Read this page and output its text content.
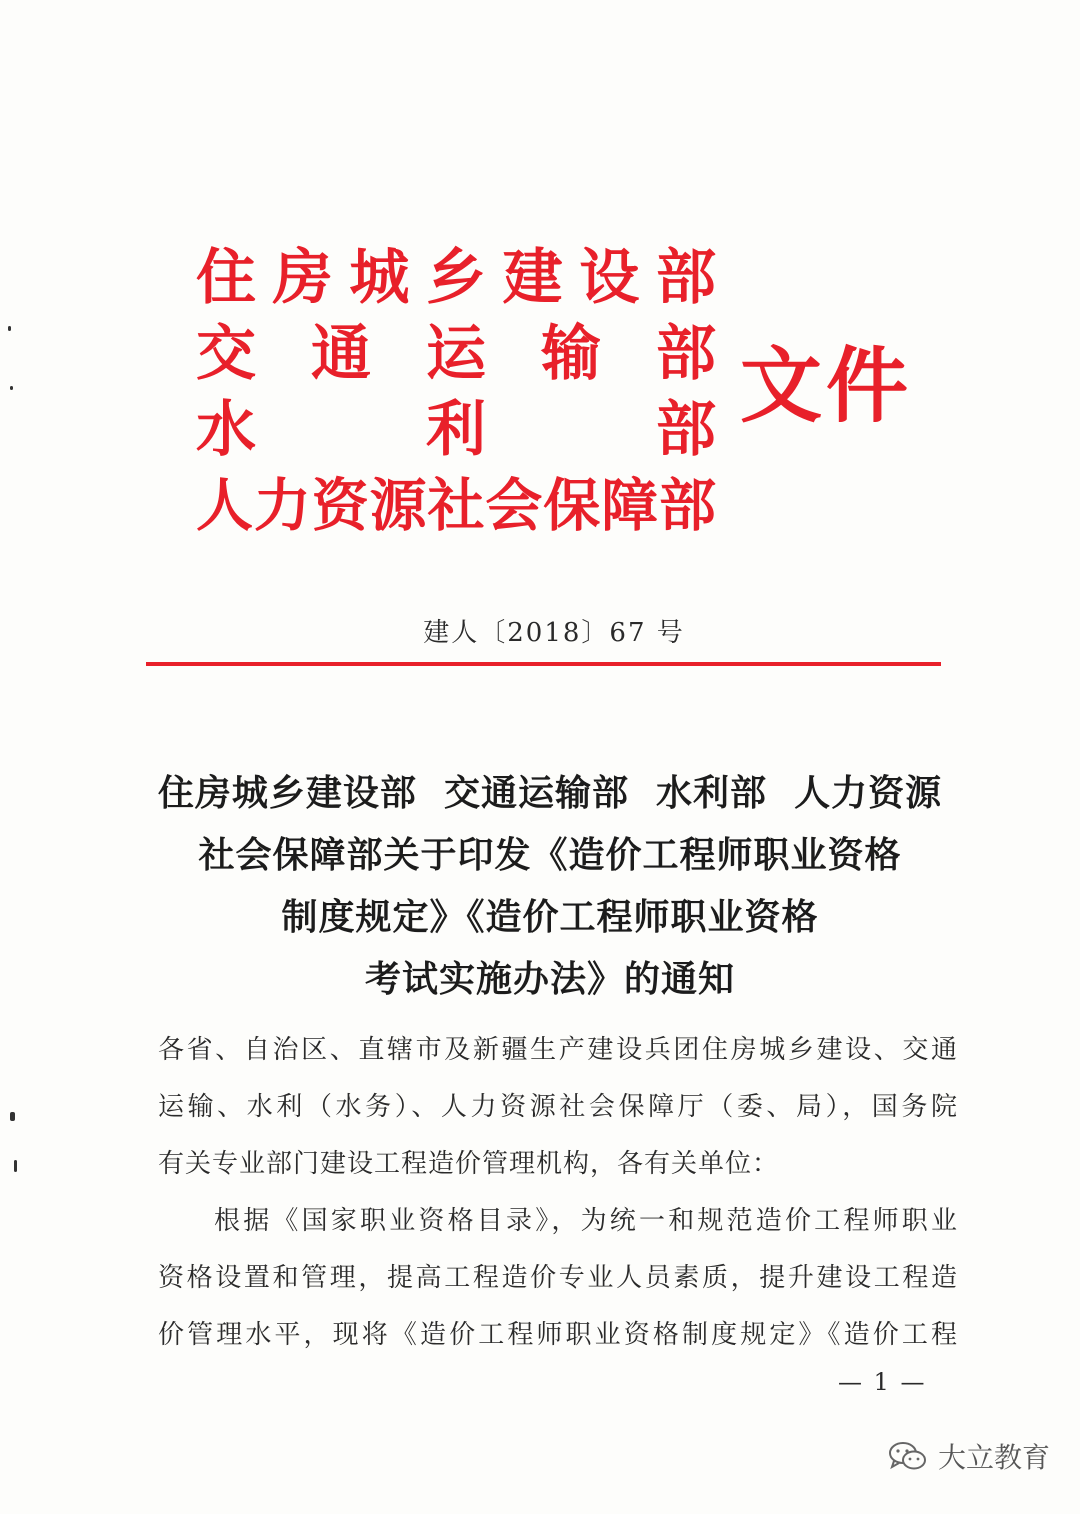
住 房 城 乡 建 设 部
交 通 运 输 部
水	利	部
人 力 资 源 社 会 保 障 部
文件
建人〔2018〕67 号
住房城乡建设部  交通运输部  水利部  人力资源
社会保障部关于印发《造价工程师职业资格
制度规定》《造价工程师职业资格
考试实施办法》的通知
各省、自治区、直辖市及新疆生产建设兵团住房城乡建设、交通
运输、水利（水务）、人力资源社会保障厅（委、局），国务院
有关专业部门建设工程造价管理机构，各有关单位：
根据《国家职业资格目录》，为统一和规范造价工程师职业
资格设置和管理，提高工程造价专业人员素质，提升建设工程造
价管理水平，现将《造价工程师职业资格制度规定》《造价工程
— 1 —
大立教育
